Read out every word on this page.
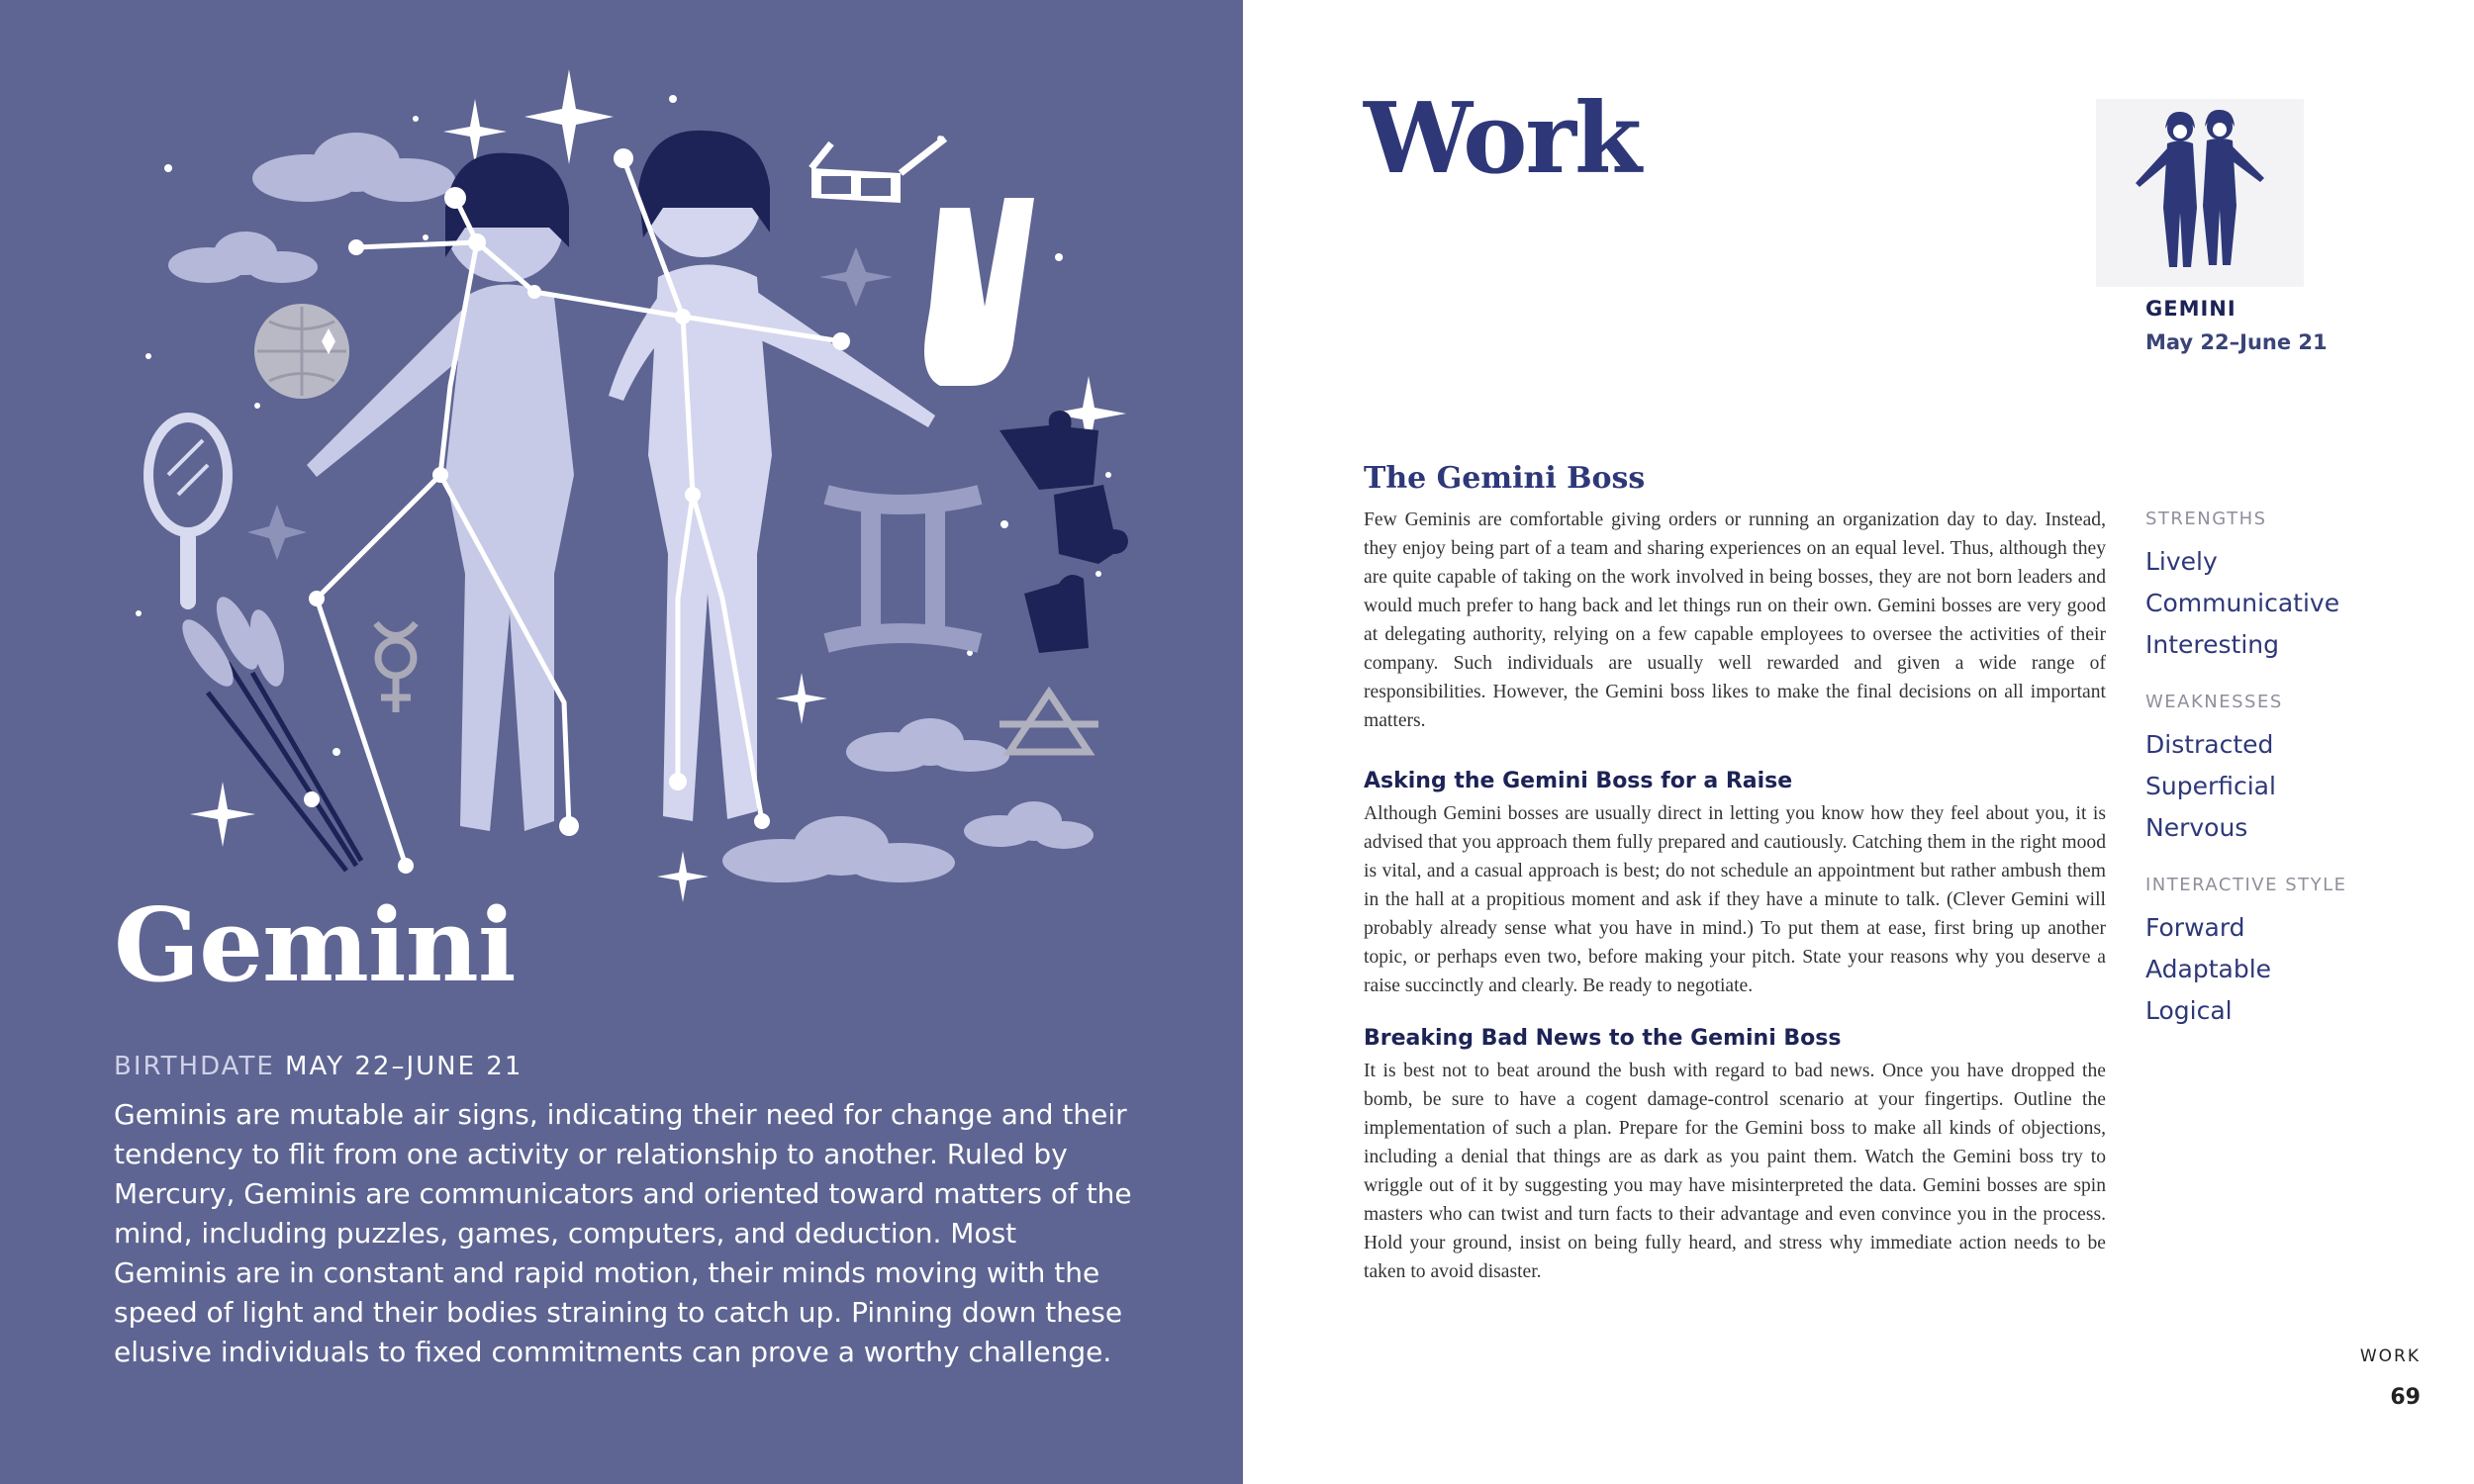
Gemini
BIRTHDATE MAY 22–JUNE 21

Geminis are mutable air signs, indicating their need for change and their tendency to flit from one activity or relationship to another. Ruled by Mercury, Geminis are communicators and oriented toward matters of the mind, including puzzles, games, computers, and deduction. Most Geminis are in constant and rapid motion, their minds moving with the speed of light and their bodies straining to catch up. Pinning down these elusive individuals to fixed commitments can prove a worthy challenge.

Work
GEMINI
May 22–June 21
The Gemini Boss

Few Geminis are comfortable giving orders or running an organization day to day. Instead, they enjoy being part of a team and sharing experiences on an equal level. Thus, although they are quite capable of taking on the work involved in being bosses, they are not born leaders and would much prefer to hang back and let things run on their own. Gemini bosses are very good at delegating authority, relying on a few capable employees to oversee the activities of their company. Such individuals are usually well rewarded and given a wide range of responsibilities. However, the Gemini boss likes to make the final decisions on all important matters.

Asking the Gemini Boss for a Raise

Although Gemini bosses are usually direct in letting you know how they feel about you, it is advised that you approach them fully prepared and cautiously. Catching them in the right mood is vital, and a casual approach is best; do not schedule an appointment but rather ambush them in the hall at a propitious moment and ask if they have a minute to talk. (Clever Gemini will probably already sense what you have in mind.) To put them at ease, first bring up another topic, or perhaps even two, before making your pitch. State your reasons why you deserve a raise succinctly and clearly. Be ready to negotiate.

Breaking Bad News to the Gemini Boss

It is best not to beat around the bush with regard to bad news. Once you have dropped the bomb, be sure to have a cogent damage-control scenario at your fingertips. Outline the implementation of such a plan. Prepare for the Gemini boss to make all kinds of objections, including a denial that things are as dark as you paint them. Watch the Gemini boss try to wriggle out of it by suggesting you may have misinterpreted the data. Gemini bosses are spin masters who can twist and turn facts to their advantage and even convince you in the process. Hold your ground, insist on being fully heard, and stress why immediate action needs to be taken to avoid disaster.

STRENGTHS
Lively
Communicative
Interesting
WEAKNESSES
Distracted
Superficial
Nervous
INTERACTIVE STYLE
Forward
Adaptable
Logical
WORK
69
